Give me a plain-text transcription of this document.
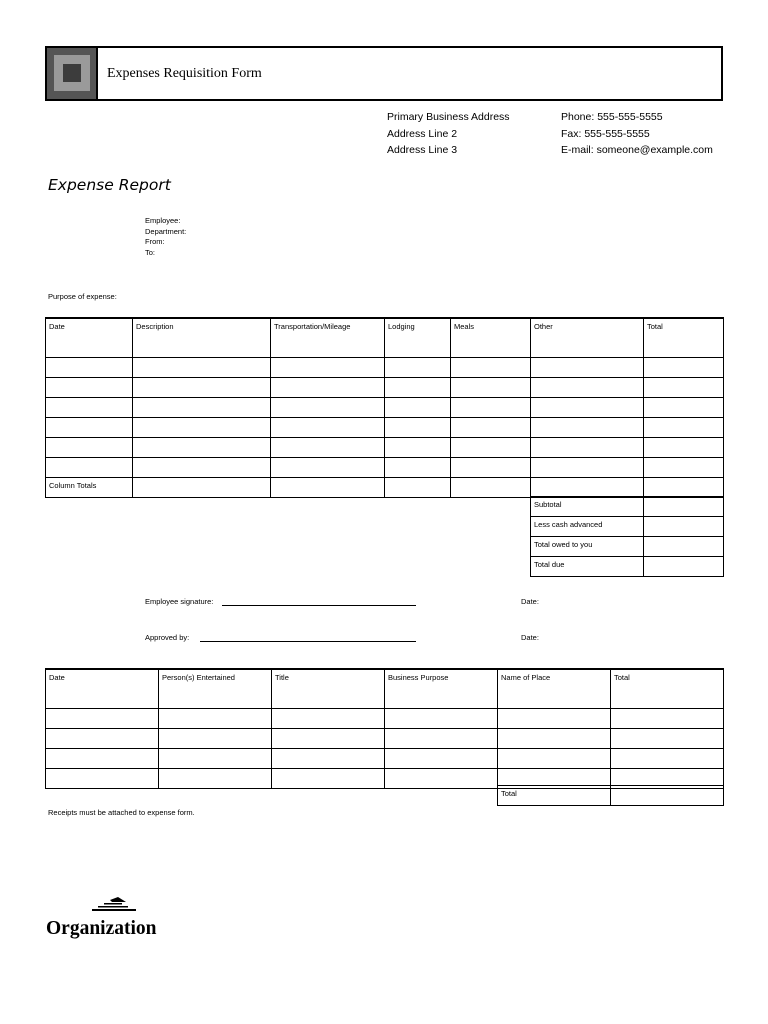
Expenses Requisition Form
Primary Business Address
Address Line 2
Address Line 3
Phone: 555-555-5555
Fax: 555-555-5555
E-mail: someone@example.com
Expense Report
Employee:
Department:
From:
To:
Purpose of expense:
Date	Description	Transportation/Mileage	Lodging	Meals	Other	Total

Column Totals						
Subtotal	
Less cash advanced	
Total owed to you	
Total due	
Employee signature:	Date:
Approved by:	Date:
Date	Person(s) Entertained	Title	Business Purpose	Name of Place	Total

Total	
Receipts must be attached to expense form.
Organization
